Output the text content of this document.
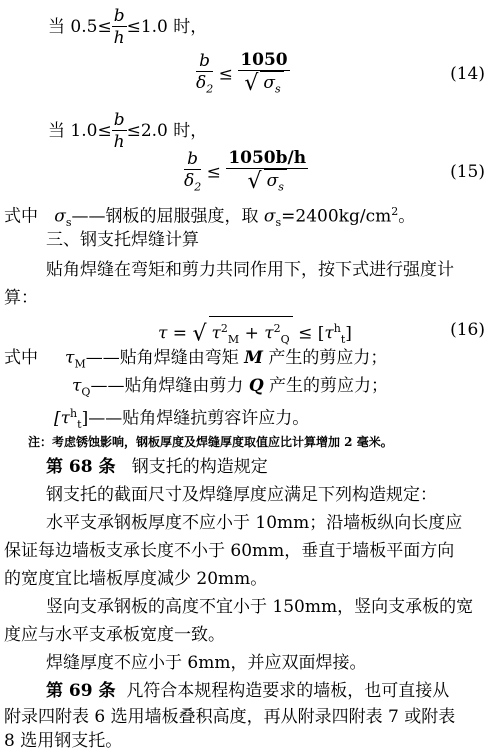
当 $0.5\le \frac{b}{h} \le 1.0$ 时，
$\frac{b}{\delta_2} \le \frac{1050}{√ \sigma_s}$	(14)
当 $1.0\le \frac{b}{h} \le 2.0$ 时，
$\frac{b}{\delta_2} \le \frac{1050b/h}{√ \sigma_s}$	(15)
式中 $\sigma_s——$钢板的屈服强度，取 $\sigma_s=2400kg/cm^2$。
三、钢支托焊缝计算
贴角焊缝在弯矩和剪力共同作用下，按下式进行强度计
算：
τ = √ $\tau^2_M + \tau^2_Q \le [\tau^h_t]$	(16)
式中 $\tau_M——$贴角焊缝由弯矩 M 产生的剪应力；
$\tau_Q——$贴角焊缝由剪力 Q 产生的剪应力；
$[\tau^h_t]——$贴角焊缝抗剪容许应力。
注：考虑锈蚀影响，钢板厚度及焊缝厚度取值应比计算增加 2 毫米。
第 68 条 钢支托的构造规定
钢支托的截面尺寸及焊缝厚度应满足下列构造规定：
水平支承钢板厚度不应小于 10mm；沿墙板纵向长度应
保证每边墙板支承长度不小于 60mm，垂直于墙板平面方向
的宽度宜比墙板厚度减少 20mm。
竖向支承钢板的高度不宜小于 150mm，竖向支承板的宽
度应与水平支承板宽度一致。
焊缝厚度不应小于 6mm，并应双面焊接。
第 69 条 凡符合本规程构造要求的墙板，也可直接从
附录四附表 6 选用墙板叠积高度，再从附录四附表 7 或附表
8 选用钢支托。
